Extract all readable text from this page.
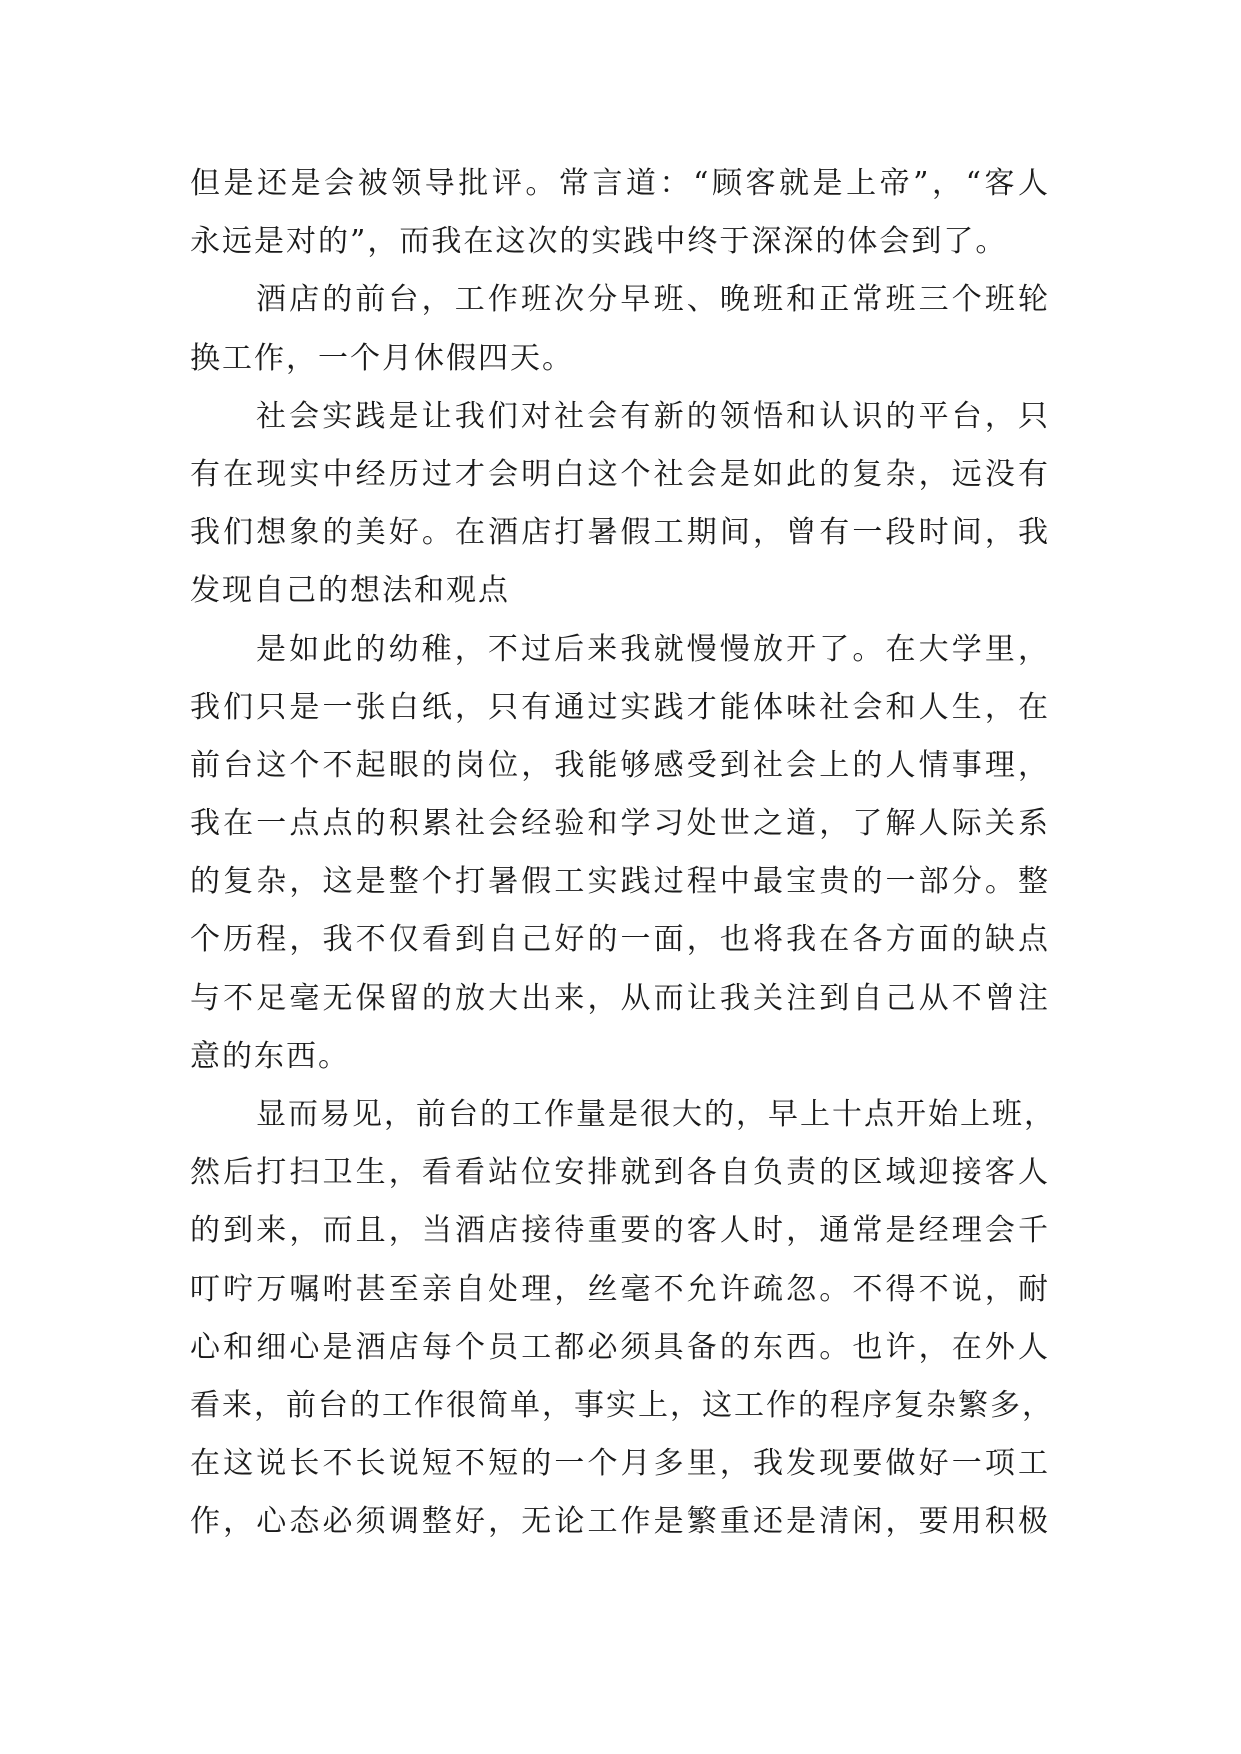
但是还是会被领导批评。常言道：“顾客就是上帝”，“客人
永远是对的”，而我在这次的实践中终于深深的体会到了。
酒店的前台，工作班次分早班、晚班和正常班三个班轮
换工作，一个月休假四天。
社会实践是让我们对社会有新的领悟和认识的平台，只
有在现实中经历过才会明白这个社会是如此的复杂，远没有
我们想象的美好。在酒店打暑假工期间，曾有一段时间，我
发现自己的想法和观点
是如此的幼稚，不过后来我就慢慢放开了。在大学里，
我们只是一张白纸，只有通过实践才能体味社会和人生，在
前台这个不起眼的岗位，我能够感受到社会上的人情事理，
我在一点点的积累社会经验和学习处世之道，了解人际关系
的复杂，这是整个打暑假工实践过程中最宝贵的一部分。整
个历程，我不仅看到自己好的一面，也将我在各方面的缺点
与不足毫无保留的放大出来，从而让我关注到自己从不曾注
意的东西。
显而易见，前台的工作量是很大的，早上十点开始上班，
然后打扫卫生，看看站位安排就到各自负责的区域迎接客人
的到来，而且，当酒店接待重要的客人时，通常是经理会千
叮咛万嘱咐甚至亲自处理，丝毫不允许疏忽。不得不说，耐
心和细心是酒店每个员工都必须具备的东西。也许，在外人
看来，前台的工作很简单，事实上，这工作的程序复杂繁多，
在这说长不长说短不短的一个月多里，我发现要做好一项工
作，心态必须调整好，无论工作是繁重还是清闲，要用积极
